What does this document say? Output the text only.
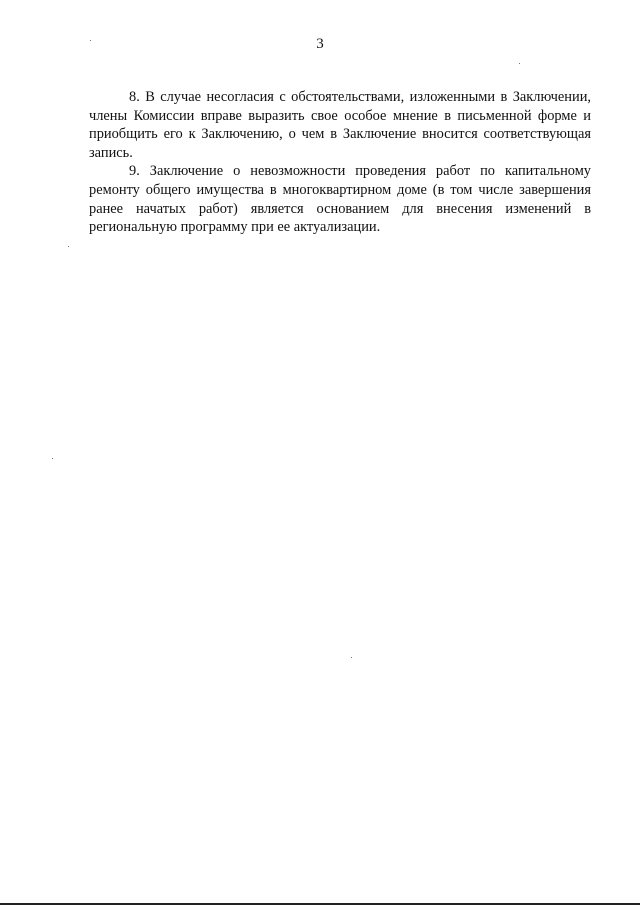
3

8. В случае несогласия с обстоятельствами, изложенными в Заключении, члены Комиссии вправе выразить свое особое мнение в письменной форме и приобщить его к Заключению, о чем в Заключение вносится соответствующая запись.

9. Заключение о невозможности проведения работ по капитальному ремонту общего имущества в многоквартирном доме (в том числе завершения ранее начатых работ) является основанием для внесения изменений в региональную программу при ее актуализации.
